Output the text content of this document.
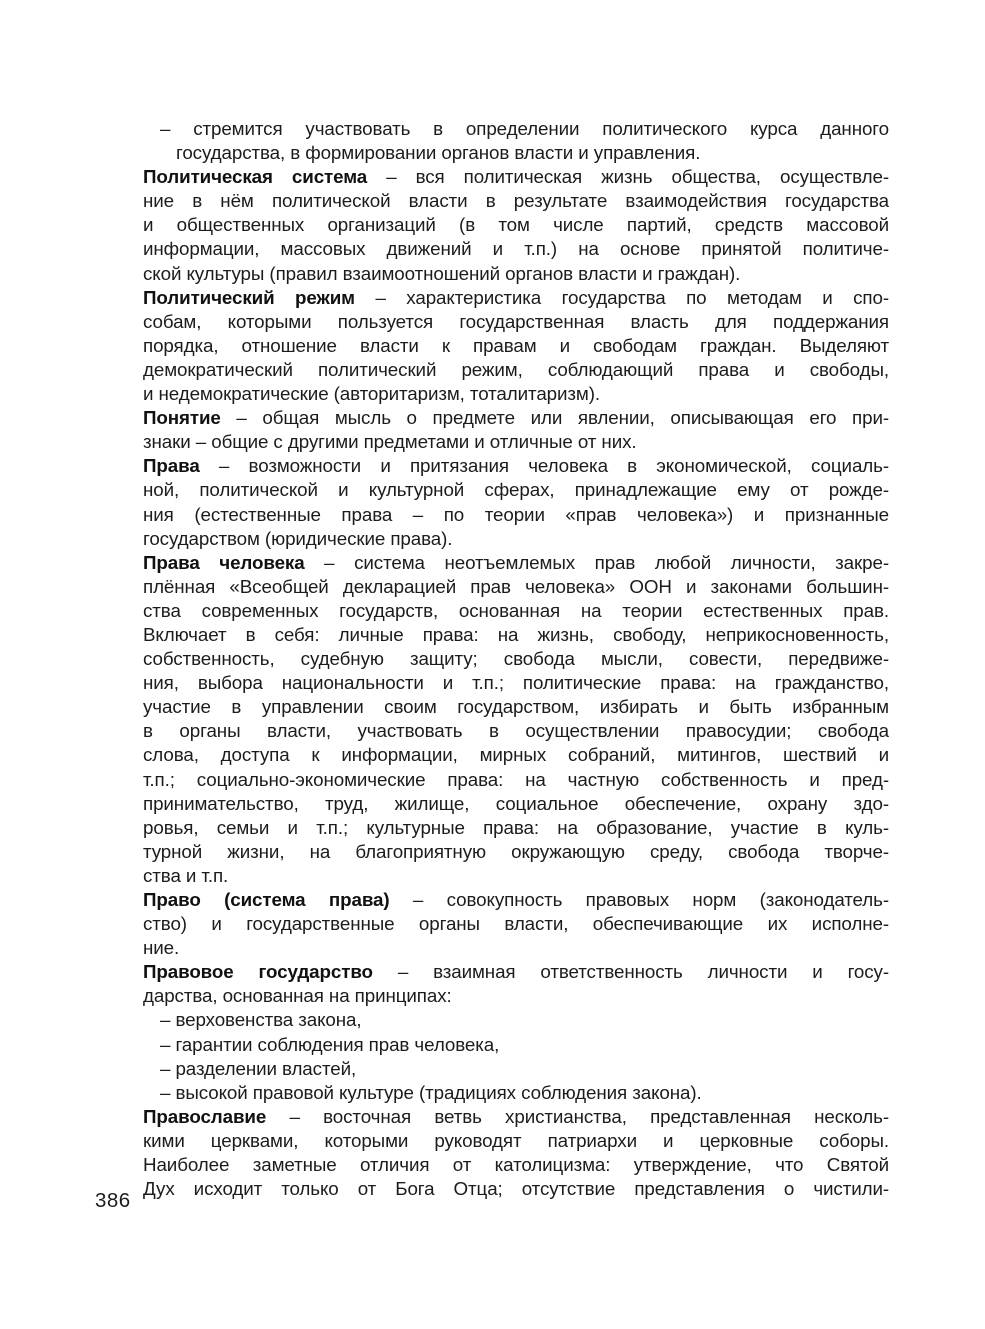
– стремится участвовать в определении политического курса данного
государства, в формировании органов власти и управления.
Политическая система – вся политическая жизнь общества, осуществле-
ние в нём политической власти в результате взаимодействия государства
и общественных организаций (в том числе партий, средств массовой
информации, массовых движений и т.п.) на основе принятой политиче-
ской культуры (правил взаимоотношений органов власти и граждан).
Политический режим – характеристика государства по методам и спо-
собам, которыми пользуется государственная власть для поддержания
порядка, отношение власти к правам и свободам граждан. Выделяют
демократический политический режим, соблюдающий права и свободы,
и недемократические (авторитаризм, тоталитаризм).
Понятие – общая мысль о предмете или явлении, описывающая его при-
знаки – общие с другими предметами и отличные от них.
Права – возможности и притязания человека в экономической, социаль-
ной, политической и культурной сферах, принадлежащие ему от рожде-
ния (естественные права – по теории «прав человека») и признанные
государством (юридические права).
Права человека – система неотъемлемых прав любой личности, закре-
плённая «Всеобщей декларацией прав человека» ООН и законами большин-
ства современных государств, основанная на теории естественных прав.
Включает в себя: личные права: на жизнь, свободу, неприкосновенность,
собственность, судебную защиту; свобода мысли, совести, передвиже-
ния, выбора национальности и т.п.; политические права: на гражданство,
участие в управлении своим государством, избирать и быть избранным
в органы власти, участвовать в осуществлении правосудии; свобода
слова, доступа к информации, мирных собраний, митингов, шествий и
т.п.; социально-экономические права: на частную собственность и пред-
принимательство, труд, жилище, социальное обеспечение, охрану здо-
ровья, семьи и т.п.; культурные права: на образование, участие в куль-
турной жизни, на благоприятную окружающую среду, свобода творче-
ства и т.п.
Право (система права) – совокупность правовых норм (законодатель-
ство) и государственные органы власти, обеспечивающие их исполне-
ние.
Правовое государство – взаимная ответственность личности и госу-
дарства, основанная на принципах:
– верховенства закона,
– гарантии соблюдения прав человека,
– разделении властей,
– высокой правовой культуре (традициях соблюдения закона).
Православие – восточная ветвь христианства, представленная несколь-
кими церквами, которыми руководят патриархи и церковные соборы.
Наиболее заметные отличия от католицизма: утверждение, что Святой
Дух исходит только от Бога Отца; отсутствие представления о чистили-
386
